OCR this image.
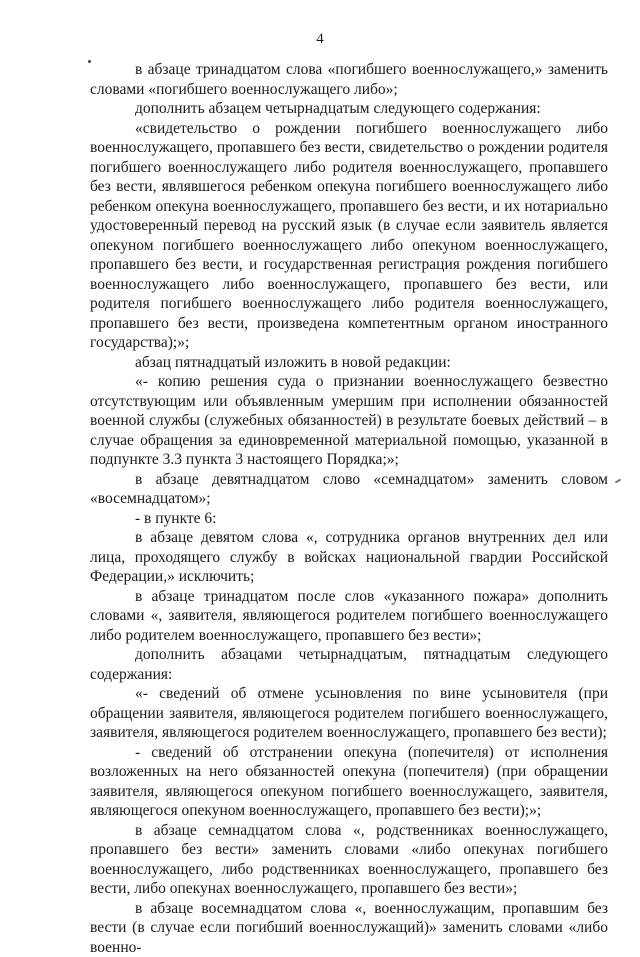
4

в абзаце тринадцатом слова «погибшего военнослужащего,» заменить словами «погибшего военнослужащего либо»;

дополнить абзацем четырнадцатым следующего содержания:

«свидетельство о рождении погибшего военнослужащего либо военнослужащего, пропавшего без вести, свидетельство о рождении родителя погибшего военнослужащего либо родителя военнослужащего, пропавшего без вести, являвшегося ребенком опекуна погибшего военнослужащего либо ребенком опекуна военнослужащего, пропавшего без вести, и их нотариально удостоверенный перевод на русский язык (в случае если заявитель является опекуном погибшего военнослужащего либо опекуном военнослужащего, пропавшего без вести, и государственная регистрация рождения погибшего военнослужащего либо военнослужащего, пропавшего без вести, или родителя погибшего военнослужащего либо родителя военнослужащего, пропавшего без вести, произведена компетентным органом иностранного государства);»;

абзац пятнадцатый изложить в новой редакции:

«- копию решения суда о признании военнослужащего безвестно отсутствующим или объявленным умершим при исполнении обязанностей военной службы (служебных обязанностей) в результате боевых действий – в случае обращения за единовременной материальной помощью, указанной в подпункте 3.3 пункта 3 настоящего Порядка;»;

в абзаце девятнадцатом слово «семнадцатом» заменить словом «восемнадцатом»;

- в пункте 6:

в абзаце девятом слова «, сотрудника органов внутренних дел или лица, проходящего службу в войсках национальной гвардии Российской Федерации,» исключить;

в абзаце тринадцатом после слов «указанного пожара» дополнить словами «, заявителя, являющегося родителем погибшего военнослужащего либо родителем военнослужащего, пропавшего без вести»;

дополнить абзацами четырнадцатым, пятнадцатым следующего содержания:

«- сведений об отмене усыновления по вине усыновителя (при обращении заявителя, являющегося родителем погибшего военнослужащего, заявителя, являющегося родителем военнослужащего, пропавшего без вести);

- сведений об отстранении опекуна (попечителя) от исполнения возложенных на него обязанностей опекуна (попечителя) (при обращении заявителя, являющегося опекуном погибшего военнослужащего, заявителя, являющегося опекуном военнослужащего, пропавшего без вести);»;

в абзаце семнадцатом слова «, родственниках военнослужащего, пропавшего без вести» заменить словами «либо опекунах погибшего военнослужащего, либо родственниках военнослужащего, пропавшего без вести, либо опекунах военнослужащего, пропавшего без вести»;

в абзаце восемнадцатом слова «, военнослужащим, пропавшим без вести (в случае если погибший военнослужащий)» заменить словами «либо военно-
